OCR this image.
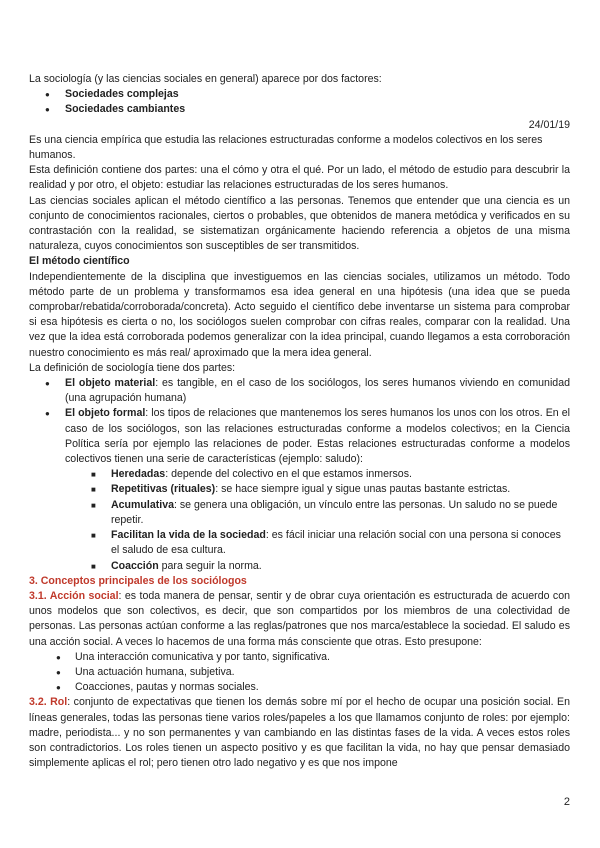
La sociología (y las ciencias sociales en general) aparece por dos factores:

● Sociedades complejas
● Sociedades cambiantes

24/01/19

Es una ciencia empírica que estudia las relaciones estructuradas conforme a modelos colectivos en los seres humanos.

Esta definición contiene dos partes: una el cómo y otra el qué. Por un lado, el método de estudio para descubrir la realidad y por otro, el objeto: estudiar las relaciones estructuradas de los seres humanos.

Las ciencias sociales aplican el método científico a las personas. Tenemos que entender que una ciencia es un conjunto de conocimientos racionales, ciertos o probables, que obtenidos de manera metódica y verificados en su contrastación con la realidad, se sistematizan orgánicamente haciendo referencia a objetos de una misma naturaleza, cuyos conocimientos son susceptibles de ser transmitidos.

El método científico

Independientemente de la disciplina que investiguemos en las ciencias sociales, utilizamos un método. Todo método parte de un problema y transformamos esa idea general en una hipótesis (una idea que se pueda comprobar/rebatida/corroborada/concreta). Acto seguido el científico debe inventarse un sistema para comprobar si esa hipótesis es cierta o no, los sociólogos suelen comprobar con cifras reales, comparar con la realidad. Una vez que la idea está corroborada podemos generalizar con la idea principal, cuando llegamos a esta corroboración nuestro conocimiento es más real/ aproximado que la mera idea general.

La definición de sociología tiene dos partes:

● El objeto material: es tangible, en el caso de los sociólogos, los seres humanos viviendo en comunidad (una agrupación humana)
● El objeto formal: los tipos de relaciones que mantenemos los seres humanos los unos con los otros. En el caso de los sociólogos, son las relaciones estructuradas conforme a modelos colectivos; en la Ciencia Política sería por ejemplo las relaciones de poder. Estas relaciones estructuradas conforme a modelos colectivos tienen una serie de características (ejemplo: saludo):
■ Heredadas: depende del colectivo en el que estamos inmersos.
■ Repetitivas (rituales): se hace siempre igual y sigue unas pautas bastante estrictas.
■ Acumulativa: se genera una obligación, un vínculo entre las personas. Un saludo no se puede repetir.
■ Facilitan la vida de la sociedad: es fácil iniciar una relación social con una persona si conoces el saludo de esa cultura.
■ Coacción para seguir la norma.

3. Conceptos principales de los sociólogos

3.1. Acción social: es toda manera de pensar, sentir y de obrar cuya orientación es estructurada de acuerdo con unos modelos que son colectivos, es decir, que son compartidos por los miembros de una colectividad de personas. Las personas actúan conforme a las reglas/patrones que nos marca/establece la sociedad. El saludo es una acción social. A veces lo hacemos de una forma más consciente que otras. Esto presupone:

● Una interacción comunicativa y por tanto, significativa.
● Una actuación humana, subjetiva.
● Coacciones, pautas y normas sociales.

3.2. Rol: conjunto de expectativas que tienen los demás sobre mí por el hecho de ocupar una posición social. En líneas generales, todas las personas tiene varios roles/papeles a los que llamamos conjunto de roles: por ejemplo: madre, periodista... y no son permanentes y van cambiando en las distintas fases de la vida. A veces estos roles son contradictorios. Los roles tienen un aspecto positivo y es que facilitan la vida, no hay que pensar demasiado simplemente aplicas el rol; pero tienen otro lado negativo y es que nos impone

2
